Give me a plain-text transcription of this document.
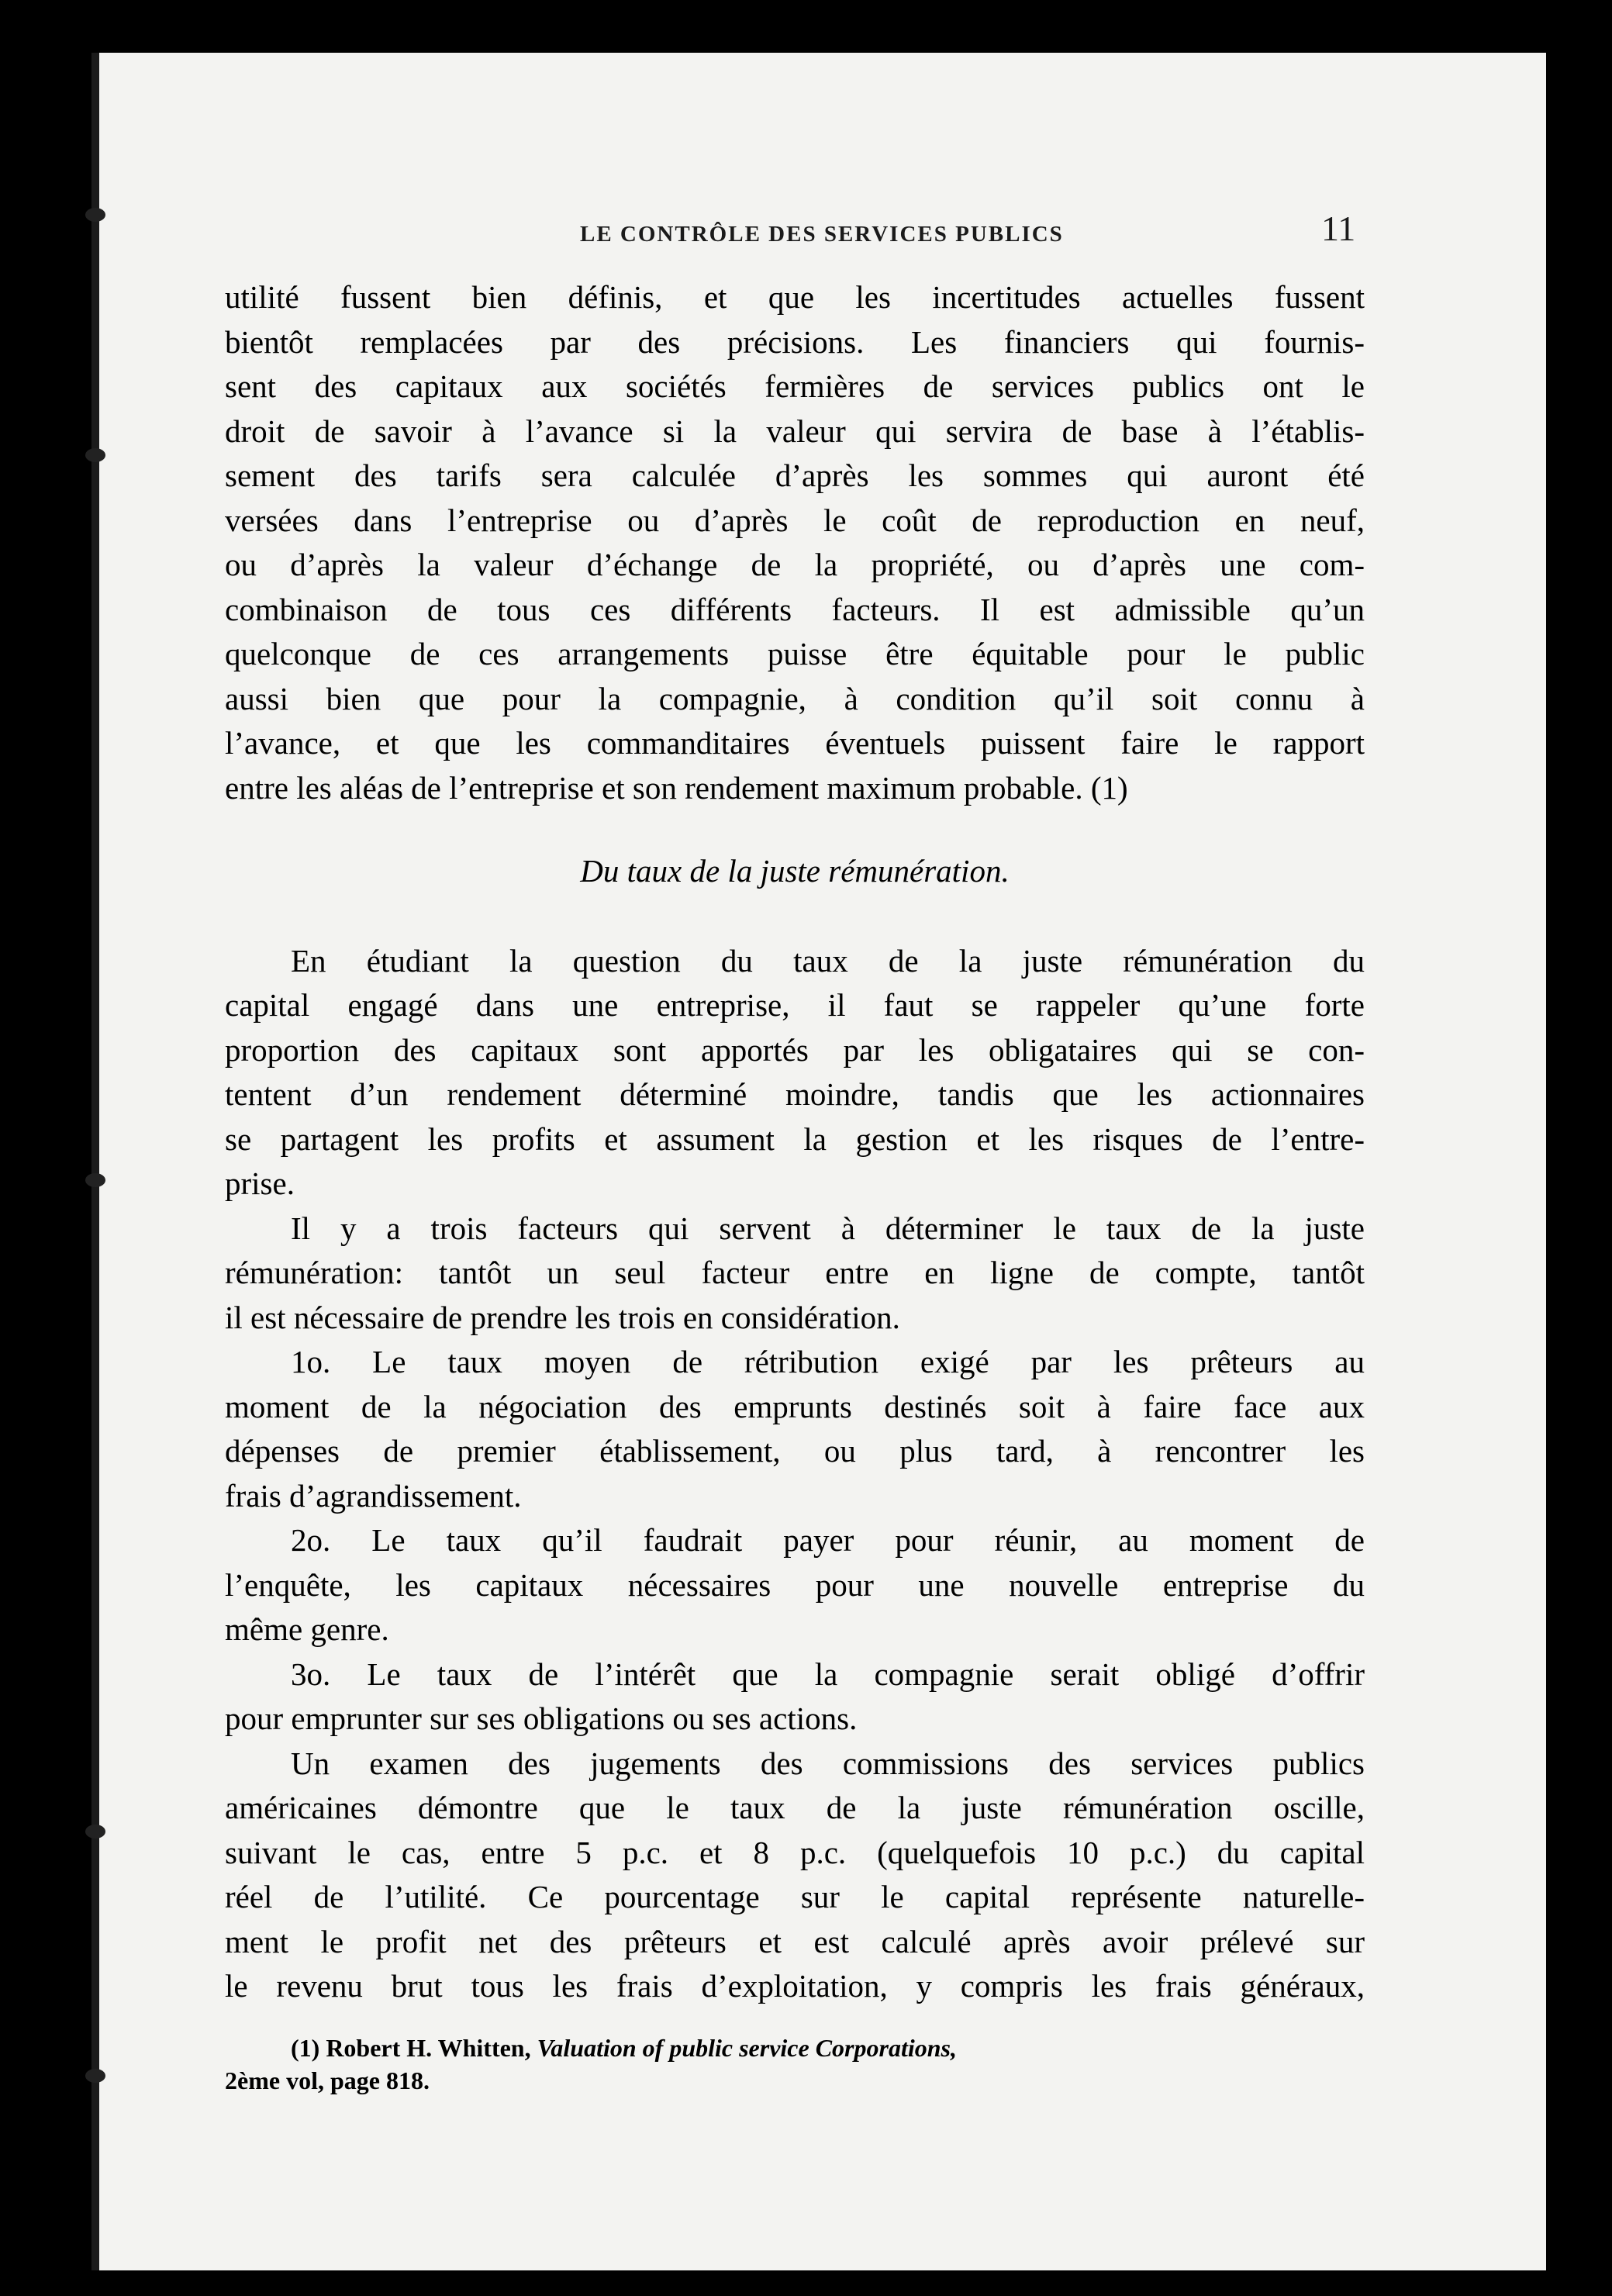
LE CONTRÔLE DES SERVICES PUBLICS	11
utilité fussent bien définis, et que les incertitudes actuelles fussent
bientôt remplacées par des précisions. Les financiers qui fournis-
sent des capitaux aux sociétés fermières de services publics ont le
droit de savoir à l’avance si la valeur qui servira de base à l’établis-
sement des tarifs sera calculée d’après les sommes qui auront été
versées dans l’entreprise ou d’après le coût de reproduction en neuf,
ou d’après la valeur d’échange de la propriété, ou d’après une com-
combinaison de tous ces différents facteurs. Il est admissible qu’un
quelconque de ces arrangements puisse être équitable pour le public
aussi bien que pour la compagnie, à condition qu’il soit connu à
l’avance, et que les commanditaires éventuels puissent faire le rapport
entre les aléas de l’entreprise et son rendement maximum probable. (1)
Du taux de la juste rémunération.
En étudiant la question du taux de la juste rémunération du
capital engagé dans une entreprise, il faut se rappeler qu’une forte
proportion des capitaux sont apportés par les obligataires qui se con-
tentent d’un rendement déterminé moindre, tandis que les actionnaires
se partagent les profits et assument la gestion et les risques de l’entre-
prise.
Il y a trois facteurs qui servent à déterminer le taux de la juste
rémunération: tantôt un seul facteur entre en ligne de compte, tantôt
il est nécessaire de prendre les trois en considération.
1o. Le taux moyen de rétribution exigé par les prêteurs au
moment de la négociation des emprunts destinés soit à faire face aux
dépenses de premier établissement, ou plus tard, à rencontrer les
frais d’agrandissement.
2o. Le taux qu’il faudrait payer pour réunir, au moment de
l’enquête, les capitaux nécessaires pour une nouvelle entreprise du
même genre.
3o. Le taux de l’intérêt que la compagnie serait obligé d’offrir
pour emprunter sur ses obligations ou ses actions.
Un examen des jugements des commissions des services publics
américaines démontre que le taux de la juste rémunération oscille,
suivant le cas, entre 5 p.c. et 8 p.c. (quelquefois 10 p.c.) du capital
réel de l’utilité. Ce pourcentage sur le capital représente naturelle-
ment le profit net des prêteurs et est calculé après avoir prélevé sur
le revenu brut tous les frais d’exploitation, y compris les frais généraux,
(1) Robert H. Whitten, Valuation of public service Corporations,
2ème vol, page 818.
